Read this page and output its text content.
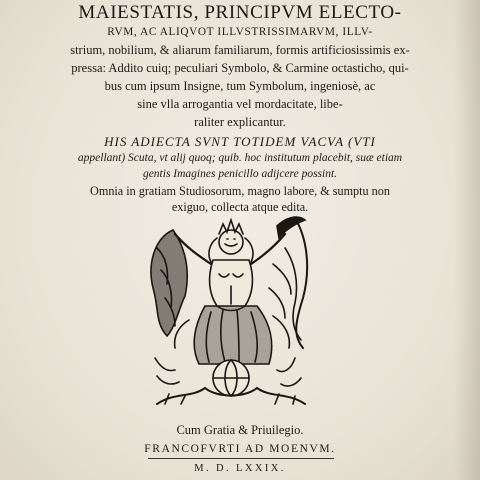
MAIESTATIS, PRINCIPVM ELECTO-
RVM, AC ALIQVOT ILLVSTRISSIMARVM, ILLV-
strium, nobilium, & aliarum familiarum, formis artificiosissimis ex-
pressa: Addito cuiq; peculiari Symbolo, & Carmine octasticho, qui-
bus cum ipsum Insigne, tum Symbolum, ingeniosè, ac
sine vlla arrogantia vel mordacitate, libe-
raliter explicantur.
HIS ADIECTA SVNT TOTIDEM VACVA (VTI
appellant) Scuta, vt alij quoq; quib. hoc institutum placebit, suæ etiam
gentis Imagines penicillo adijcere possint.
Omnia in gratiam Studiosorum, magno labore, & sumptu non
exiguo, collecta atque edita.
Cum Gratia & Priuilegio.
FRANCOFVRTI AD MOENVM.
M. D. LXXIX.
